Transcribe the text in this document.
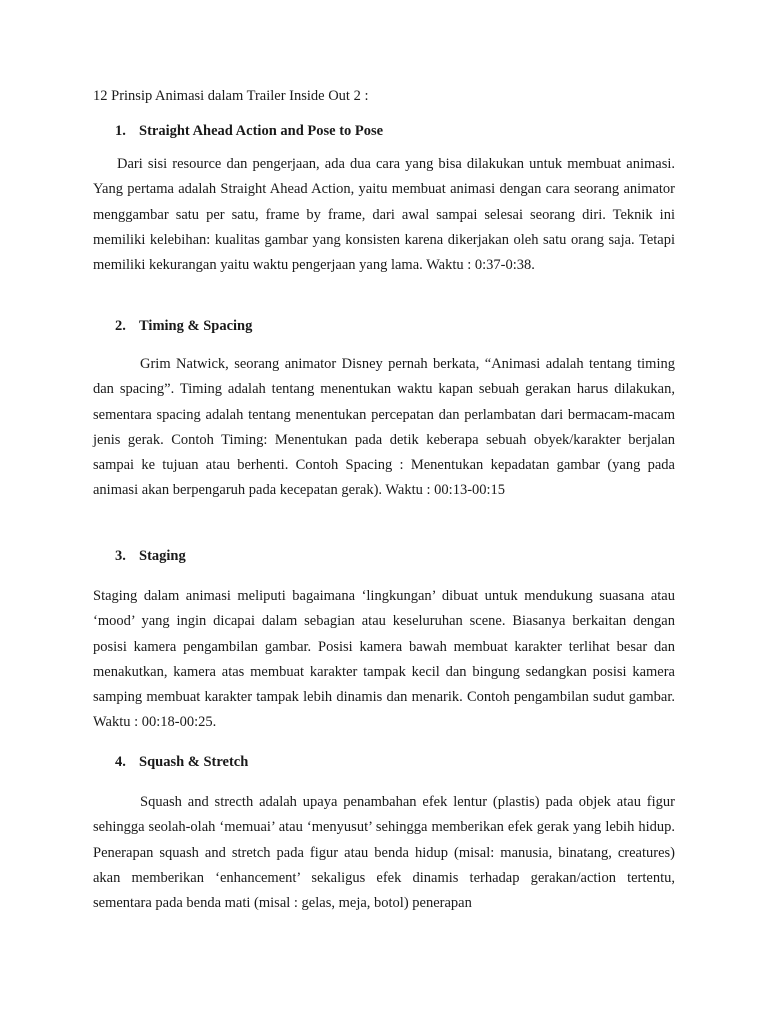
12 Prinsip Animasi dalam Trailer Inside Out 2 :
1. Straight Ahead Action and Pose to Pose

Dari sisi resource dan pengerjaan, ada dua cara yang bisa dilakukan untuk membuat animasi. Yang pertama adalah Straight Ahead Action, yaitu membuat animasi dengan cara seorang animator menggambar satu per satu, frame by frame, dari awal sampai selesai seorang diri. Teknik ini memiliki kelebihan: kualitas gambar yang konsisten karena dikerjakan oleh satu orang saja. Tetapi memiliki kekurangan yaitu waktu pengerjaan yang lama. Waktu : 0:37-0:38.

2. Timing & Spacing

Grim Natwick, seorang animator Disney pernah berkata, “Animasi adalah tentang timing dan spacing”. Timing adalah tentang menentukan waktu kapan sebuah gerakan harus dilakukan, sementara spacing adalah tentang menentukan percepatan dan perlambatan dari bermacam-macam jenis gerak. Contoh Timing: Menentukan pada detik keberapa sebuah obyek/karakter berjalan sampai ke tujuan atau berhenti. Contoh Spacing : Menentukan kepadatan gambar (yang pada animasi akan berpengaruh pada kecepatan gerak). Waktu : 00:13-00:15

3. Staging

Staging dalam animasi meliputi bagaimana ‘lingkungan’ dibuat untuk mendukung suasana atau ‘mood’ yang ingin dicapai dalam sebagian atau keseluruhan scene. Biasanya berkaitan dengan posisi kamera pengambilan gambar. Posisi kamera bawah membuat karakter terlihat besar dan menakutkan, kamera atas membuat karakter tampak kecil dan bingung sedangkan posisi kamera samping membuat karakter tampak lebih dinamis dan menarik. Contoh pengambilan sudut gambar. Waktu : 00:18-00:25.

4. Squash & Stretch

Squash and strecth adalah upaya penambahan efek lentur (plastis) pada objek atau figur sehingga seolah-olah ‘memuai’ atau ‘menyusut’ sehingga memberikan efek gerak yang lebih hidup. Penerapan squash and stretch pada figur atau benda hidup (misal: manusia, binatang, creatures) akan memberikan ‘enhancement’ sekaligus efek dinamis terhadap gerakan/action tertentu, sementara pada benda mati (misal : gelas, meja, botol) penerapan
